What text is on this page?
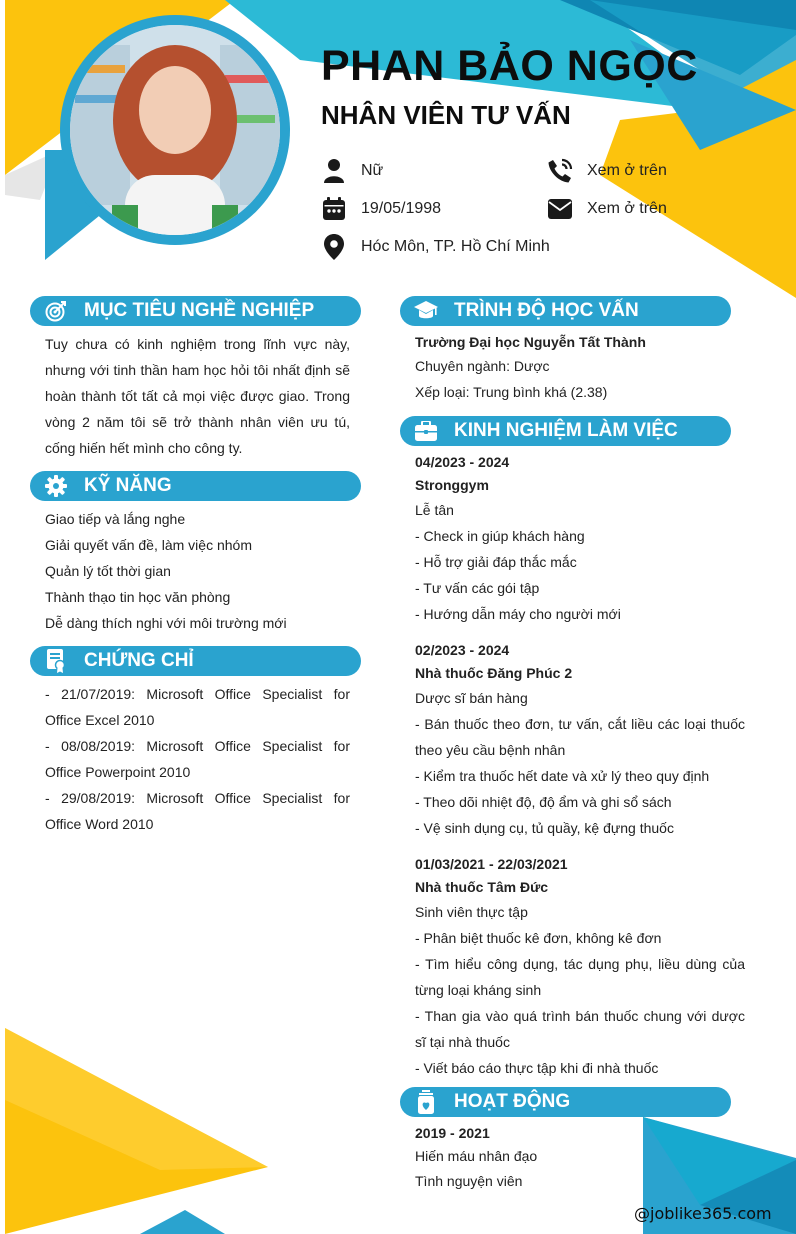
PHAN BẢO NGỌC
NHÂN VIÊN TƯ VẤN
Nữ
19/05/1998
Hóc Môn, TP. Hồ Chí Minh
Xem ở trên
Xem ở trên
MỤC TIÊU NGHỀ NGHIỆP
Tuy chưa có kinh nghiệm trong lĩnh vực này, nhưng với tinh thần ham học hỏi tôi nhất định sẽ hoàn thành tốt tất cả mọi việc được giao. Trong vòng 2 năm tôi sẽ trở thành nhân viên ưu tú, cống hiến hết mình cho công ty.
KỸ NĂNG
Giao tiếp và lắng nghe
Giải quyết vấn đề, làm việc nhóm
Quản lý tốt thời gian
Thành thạo tin học văn phòng
Dễ dàng thích nghi với môi trường mới
CHỨNG CHỈ
- 21/07/2019: Microsoft Office Specialist for Office Excel 2010
- 08/08/2019: Microsoft Office Specialist for Office Powerpoint 2010
- 29/08/2019: Microsoft Office Specialist for Office Word 2010
TRÌNH ĐỘ HỌC VẤN
Trường Đại học Nguyễn Tất Thành
Chuyên ngành: Dược
Xếp loại: Trung bình khá (2.38)
KINH NGHIỆM LÀM VIỆC
04/2023 - 2024
Stronggym
Lễ tân
- Check in giúp khách hàng
- Hỗ trợ giải đáp thắc mắc
- Tư vấn các gói tập
- Hướng dẫn máy cho người mới
02/2023 - 2024
Nhà thuốc Đăng Phúc 2
Dược sĩ bán hàng
- Bán thuốc theo đơn, tư vấn, cắt liều các loại thuốc theo yêu cầu bệnh nhân
- Kiểm tra thuốc hết date và xử lý theo quy định
- Theo dõi nhiệt độ, độ ẩm và ghi sổ sách
- Vệ sinh dụng cụ, tủ quầy, kệ đựng thuốc
01/03/2021 - 22/03/2021
Nhà thuốc Tâm Đức
Sinh viên thực tập
- Phân biệt thuốc kê đơn, không kê đơn
- Tìm hiểu công dụng, tác dụng phụ, liều dùng của từng loại kháng sinh
- Than gia vào quá trình bán thuốc chung với dược sĩ tại nhà thuốc
- Viết báo cáo thực tập khi đi nhà thuốc
HOẠT ĐỘNG
2019 - 2021
Hiến máu nhân đạo
Tình nguyện viên
@joblike365.com
